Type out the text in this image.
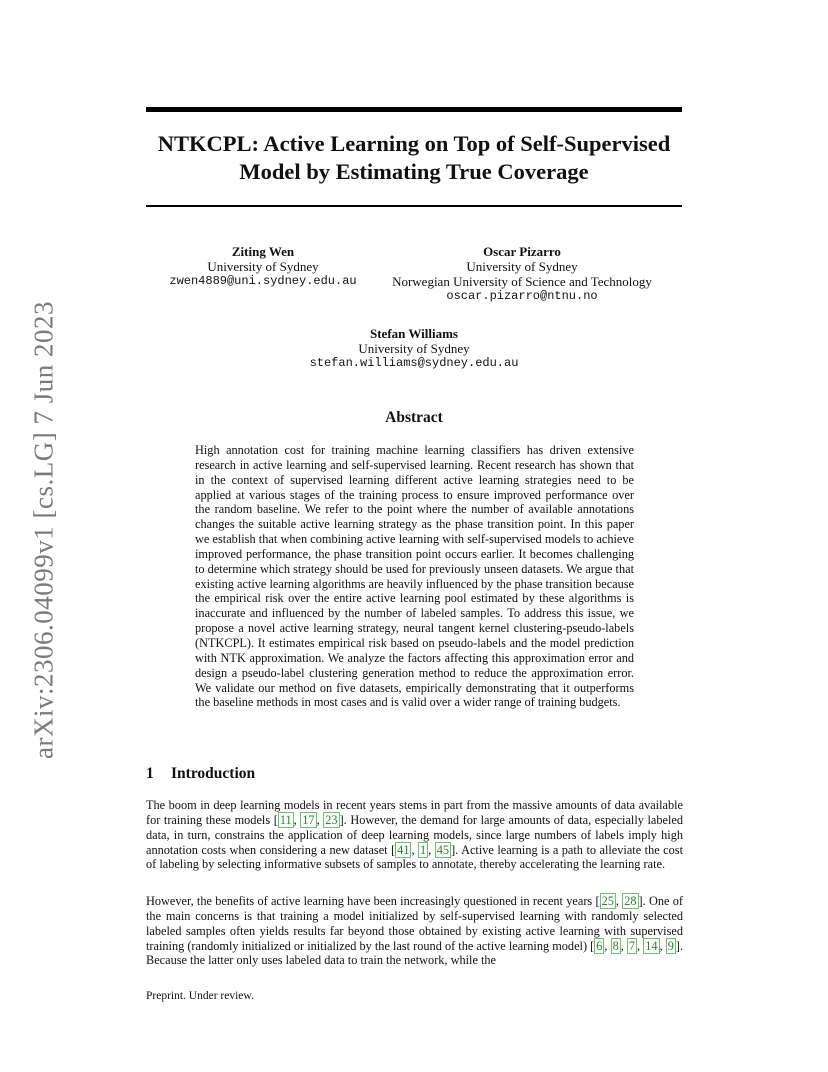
arXiv:2306.04099v1 [cs.LG] 7 Jun 2023
NTKCPL: Active Learning on Top of Self-Supervised
Model by Estimating True Coverage
Ziting Wen
University of Sydney
zwen4889@uni.sydney.edu.au
Oscar Pizarro
University of Sydney
Norwegian University of Science and Technology
oscar.pizarro@ntnu.no
Stefan Williams
University of Sydney
stefan.williams@sydney.edu.au
Abstract

High annotation cost for training machine learning classifiers has driven extensive research in active learning and self-supervised learning. Recent research has shown that in the context of supervised learning different active learning strategies need to be applied at various stages of the training process to ensure improved performance over the random baseline. We refer to the point where the number of available annotations changes the suitable active learning strategy as the phase transition point. In this paper we establish that when combining active learning with self-supervised models to achieve improved performance, the phase transition point occurs earlier. It becomes challenging to determine which strategy should be used for previously unseen datasets. We argue that existing active learning algorithms are heavily influenced by the phase transition because the empirical risk over the entire active learning pool estimated by these algorithms is inaccurate and influenced by the number of labeled samples. To address this issue, we propose a novel active learning strategy, neural tangent kernel clustering-pseudo-labels (NTKCPL). It estimates empirical risk based on pseudo-labels and the model prediction with NTK approximation. We analyze the factors affecting this approximation error and design a pseudo-label clustering generation method to reduce the approximation error. We validate our method on five datasets, empirically demonstrating that it outperforms the baseline methods in most cases and is valid over a wider range of training budgets.

1 Introduction

The boom in deep learning models in recent years stems in part from the massive amounts of data available for training these models [ 11 , 17 , 23 ]. However, the demand for large amounts of data, especially labeled data, in turn, constrains the application of deep learning models, since large numbers of labels imply high annotation costs when considering a new dataset [ 41 , 1 , 45 ]. Active learning is a path to alleviate the cost of labeling by selecting informative subsets of samples to annotate, thereby accelerating the learning rate.

However, the benefits of active learning have been increasingly questioned in recent years [ 25 , 28 ]. One of the main concerns is that training a model initialized by self-supervised learning with randomly selected labeled samples often yields results far beyond those obtained by existing active learning with supervised training (randomly initialized or initialized by the last round of the active learning model) [ 6 , 8 , 7 , 14 , 9 ]. Because the latter only uses labeled data to train the network, while the

Preprint. Under review.
